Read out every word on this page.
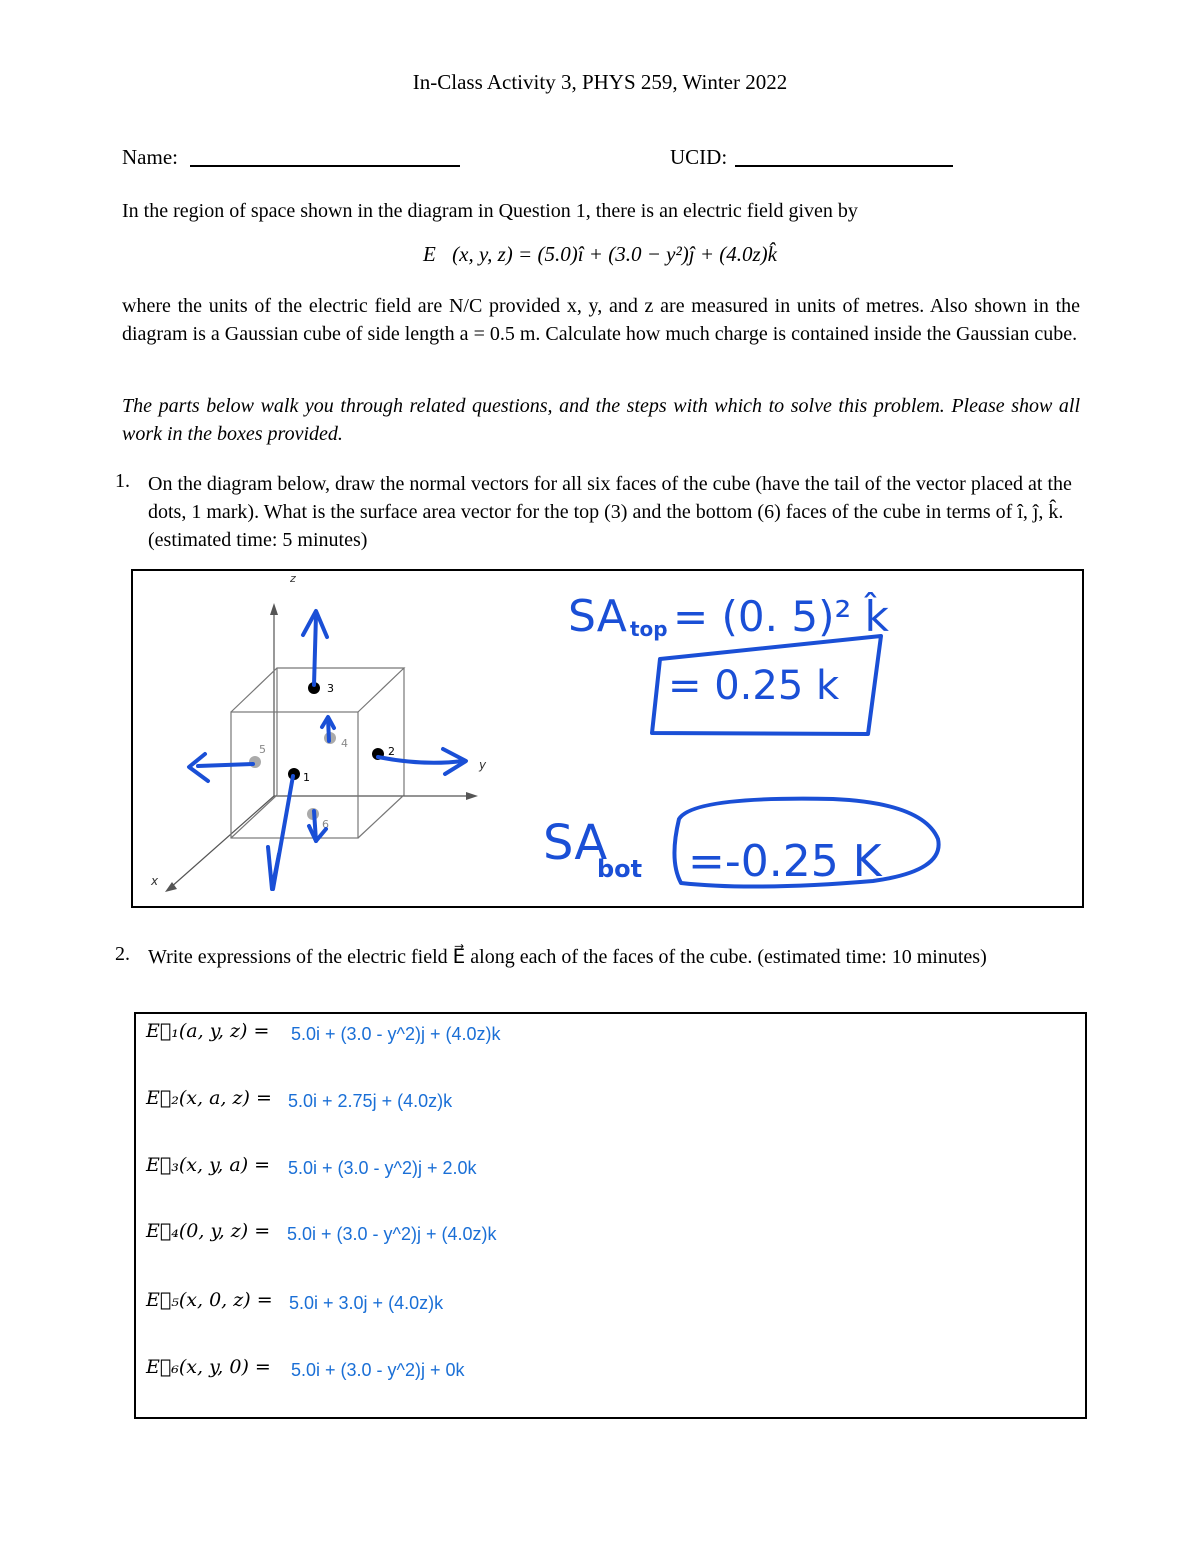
In-Class Activity 3, PHYS 259, Winter 2022
Name:	UCID:
In the region of space shown in the diagram in Question 1, there is an electric field given by
E⃗(x, y, z) = (5.0)î + (3.0 − y²)ĵ + (4.0z)k̂
where the units of the electric field are N/C provided x, y, and z are measured in units of metres. Also shown in the diagram is a Gaussian cube of side length a = 0.5 m. Calculate how much charge is contained inside the Gaussian cube.
The parts below walk you through related questions, and the steps with which to solve this problem. Please show all work in the boxes provided.
1. On the diagram below, draw the normal vectors for all six faces of the cube (have the tail of the vector placed at the dots, 1 mark). What is the surface area vector for the top (3) and the bottom (6) faces of the cube in terms of î, ĵ, k̂. (estimated time: 5 minutes)
z
y
x
3
4
2
5
1
6
SA top = (0. 5)² k̂
= 0.25 k
SA
bot =-0.25 K
2. Write expressions of the electric field E⃗ along each of the faces of the cube. (estimated time: 10 minutes)
E⃗₁(a, y, z) = 5.0i + (3.0 - y^2)j + (4.0z)k
E⃗₂(x, a, z) = 5.0i + 2.75j + (4.0z)k
E⃗₃(x, y, a) = 5.0i + (3.0 - y^2)j + 2.0k
E⃗₄(0, y, z) = 5.0i + (3.0 - y^2)j + (4.0z)k
E⃗₅(x, 0, z) = 5.0i + 3.0j + (4.0z)k
E⃗₆(x, y, 0) = 5.0i + (3.0 - y^2)j + 0k
